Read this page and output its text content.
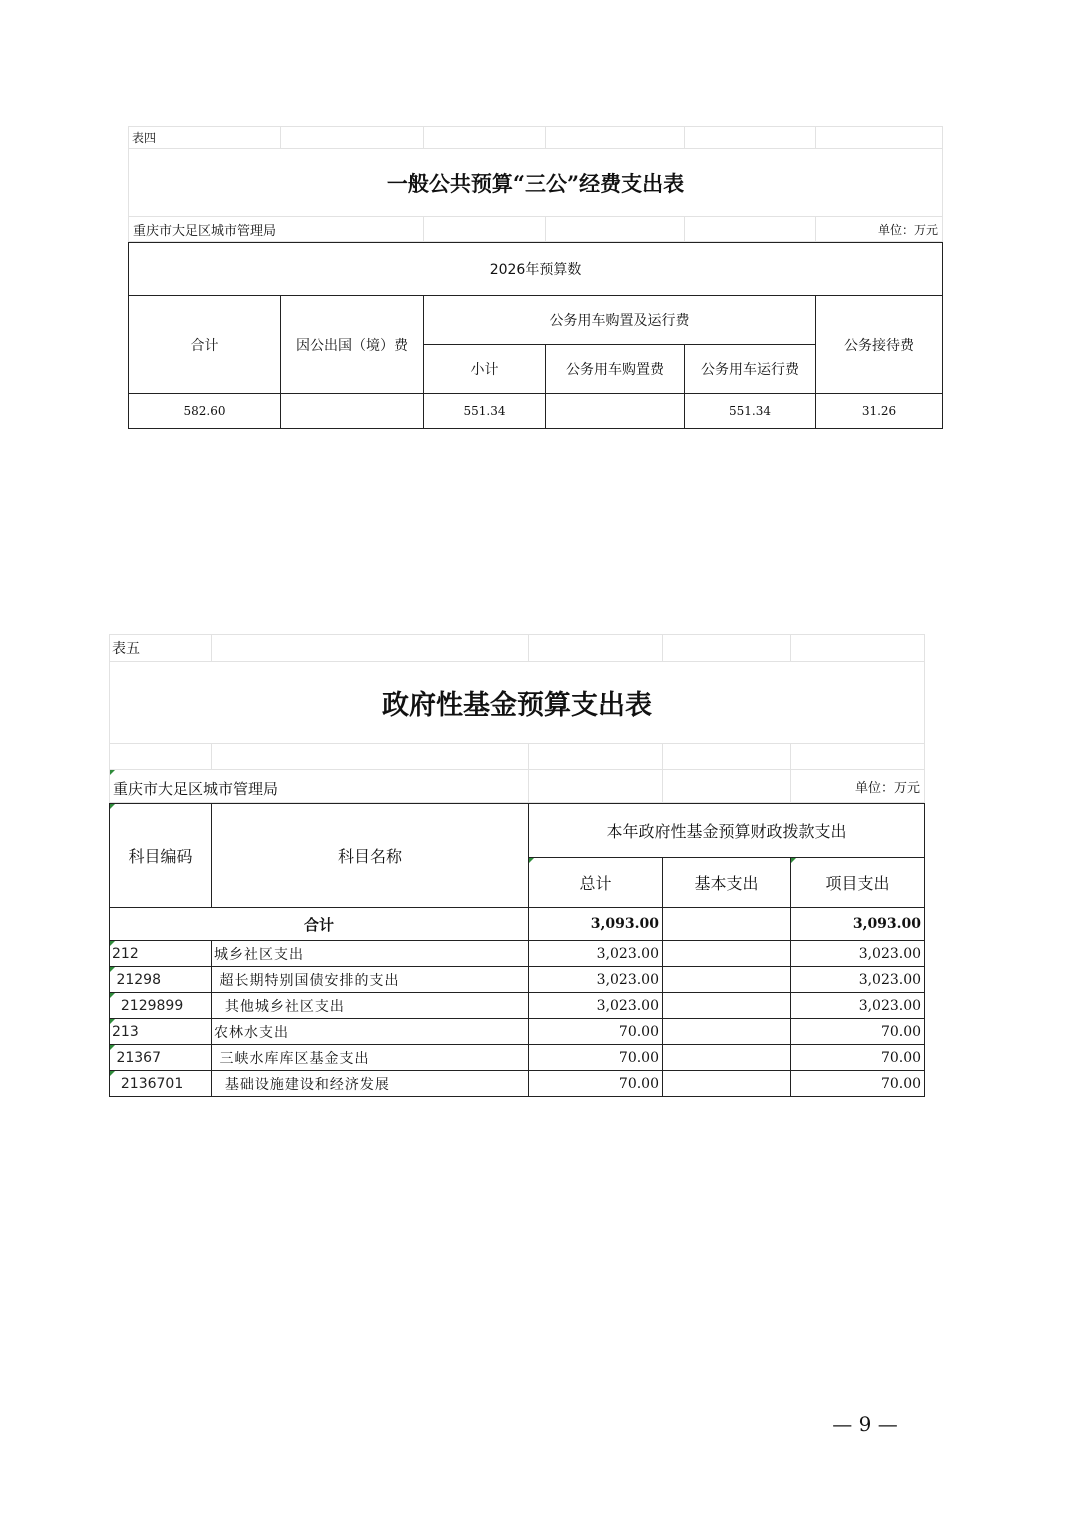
表四					
一般公共预算“三公”经费支出表					
重庆市大足区城市管理局					单位：万元
2026年预算数					
合计	因公出国（境）费	公务用车购置及运行费			公务接待费
		小计	公务用车购置费	公务用车运行费	
582.60		551.34		551.34	31.26
表五				
政府性基金预算支出表				

重庆市大足区城市管理局				单位：万元
科目编码	科目名称	本年政府性基金预算财政拨款支出		
		总计	基本支出	项目支出
合计		3,093.00		3,093.00
212	城乡社区支出	3,023.00		3,023.00
21298	超长期特别国债安排的支出	3,023.00		3,023.00
2129899	其他城乡社区支出	3,023.00		3,023.00
213	农林水支出	70.00		70.00
21367	三峡水库库区基金支出	70.00		70.00
2136701	基础设施建设和经济发展	70.00		70.00
— 9 —
